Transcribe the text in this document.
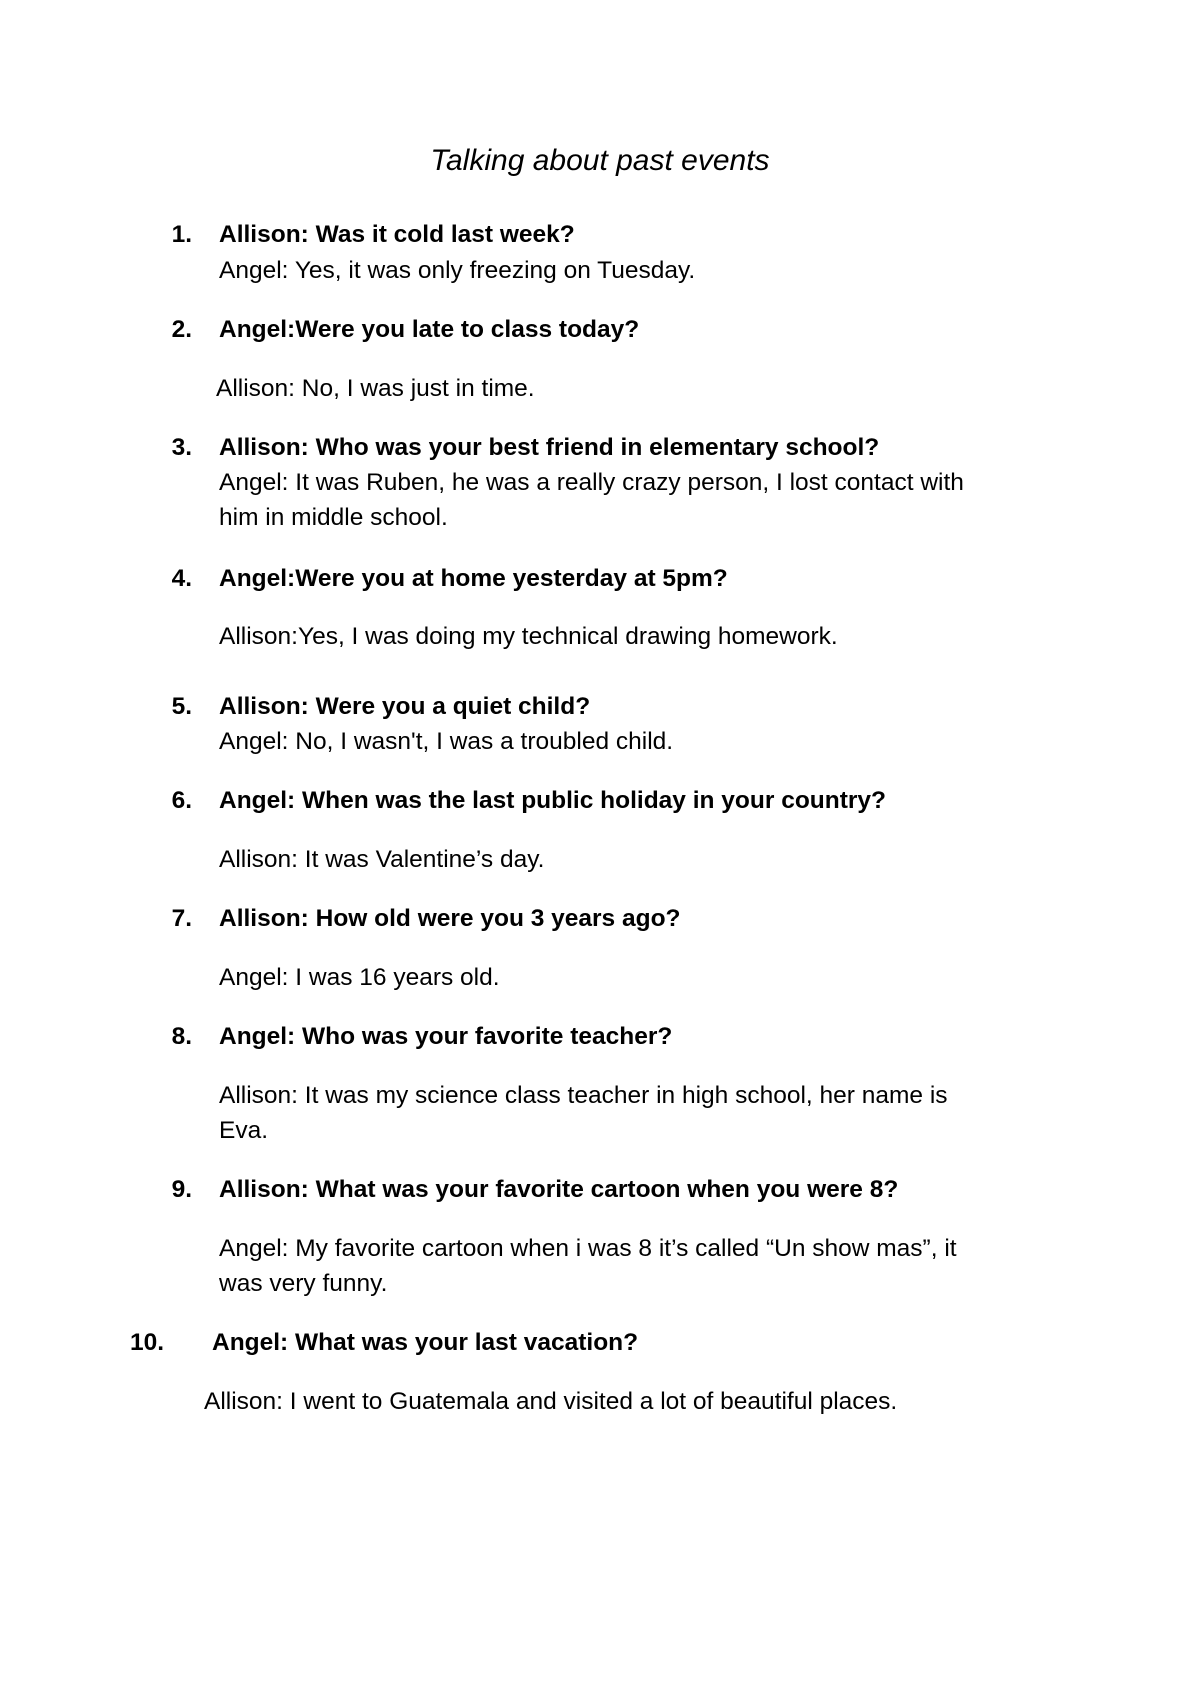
Talking about past events
1. Allison: Was it cold last week?
Angel: Yes, it was only freezing on Tuesday.
2. Angel:Were you late to class today?
Allison: No, I was just in time.
3. Allison: Who was your best friend in elementary school?
Angel: It was Ruben, he was a really crazy person, I lost contact with
him in middle school.
4. Angel:Were you at home yesterday at 5pm?
Allison:Yes, I was doing my technical drawing homework.
5. Allison: Were you a quiet child?
Angel: No, I wasn't, I was a troubled child.
6. Angel: When was the last public holiday in your country?
Allison: It was Valentine’s day.
7. Allison: How old were you 3 years ago?
Angel: I was 16 years old.
8. Angel: Who was your favorite teacher?
Allison: It was my science class teacher in high school, her name is
Eva.
9. Allison: What was your favorite cartoon when you were 8?
Angel: My favorite cartoon when i was 8 it’s called “Un show mas”, it
was very funny.
10.	Angel: What was your last vacation?
Allison: I went to Guatemala and visited a lot of beautiful places.
